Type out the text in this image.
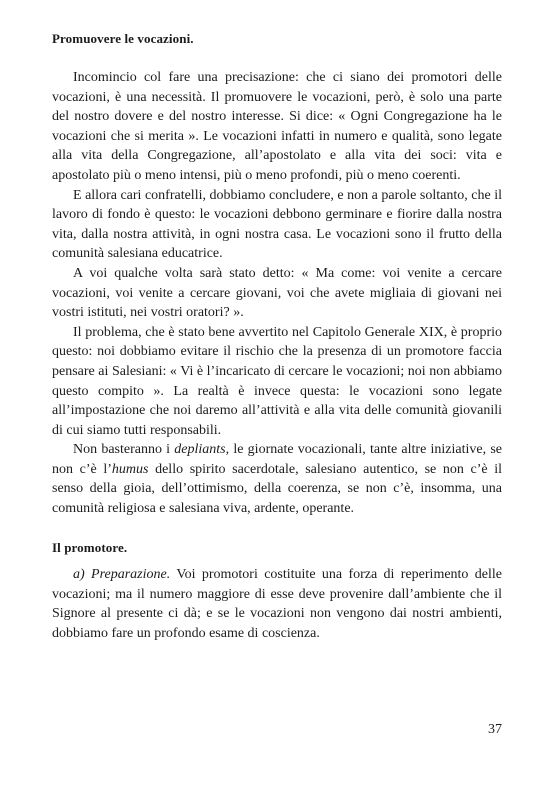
Promuovere le vocazioni.

Incomincio col fare una precisazione: che ci siano dei promotori delle vocazioni, è una necessità. Il promuovere le vocazioni, però, è solo una parte del nostro dovere e del nostro interesse. Si dice: « Ogni Congregazione ha le vocazioni che si merita ». Le vocazioni infatti in numero e qualità, sono legate alla vita della Congregazione, all’apostolato e alla vita dei soci: vita e apostolato più o meno intensi, più o meno profondi, più o meno coerenti.

E allora cari confratelli, dobbiamo concludere, e non a parole soltanto, che il lavoro di fondo è questo: le vocazioni debbono germinare e fiorire dalla nostra vita, dalla nostra attività, in ogni nostra casa. Le vocazioni sono il frutto della comunità salesiana educatrice.

A voi qualche volta sarà stato detto: « Ma come: voi venite a cercare vocazioni, voi venite a cercare giovani, voi che avete migliaia di giovani nei vostri istituti, nei vostri oratori? ».

Il problema, che è stato bene avvertito nel Capitolo Generale XIX, è proprio questo: noi dobbiamo evitare il rischio che la presenza di un promotore faccia pensare ai Salesiani: « Vi è l’incaricato di cercare le vocazioni; noi non abbiamo questo compito ». La realtà è invece questa: le vocazioni sono legate all’impostazione che noi daremo all’attività e alla vita delle comunità giovanili di cui siamo tutti responsabili.

Non basteranno i depliants, le giornate vocazionali, tante altre iniziative, se non c’è l’humus dello spirito sacerdotale, salesiano autentico, se non c’è il senso della gioia, dell’ottimismo, della coerenza, se non c’è, insomma, una comunità religiosa e salesiana viva, ardente, operante.

Il promotore.

a) Preparazione. Voi promotori costituite una forza di reperimento delle vocazioni; ma il numero maggiore di esse deve provenire dall’ambiente che il Signore al presente ci dà; e se le vocazioni non vengono dai nostri ambienti, dobbiamo fare un profondo esame di coscienza.

37
